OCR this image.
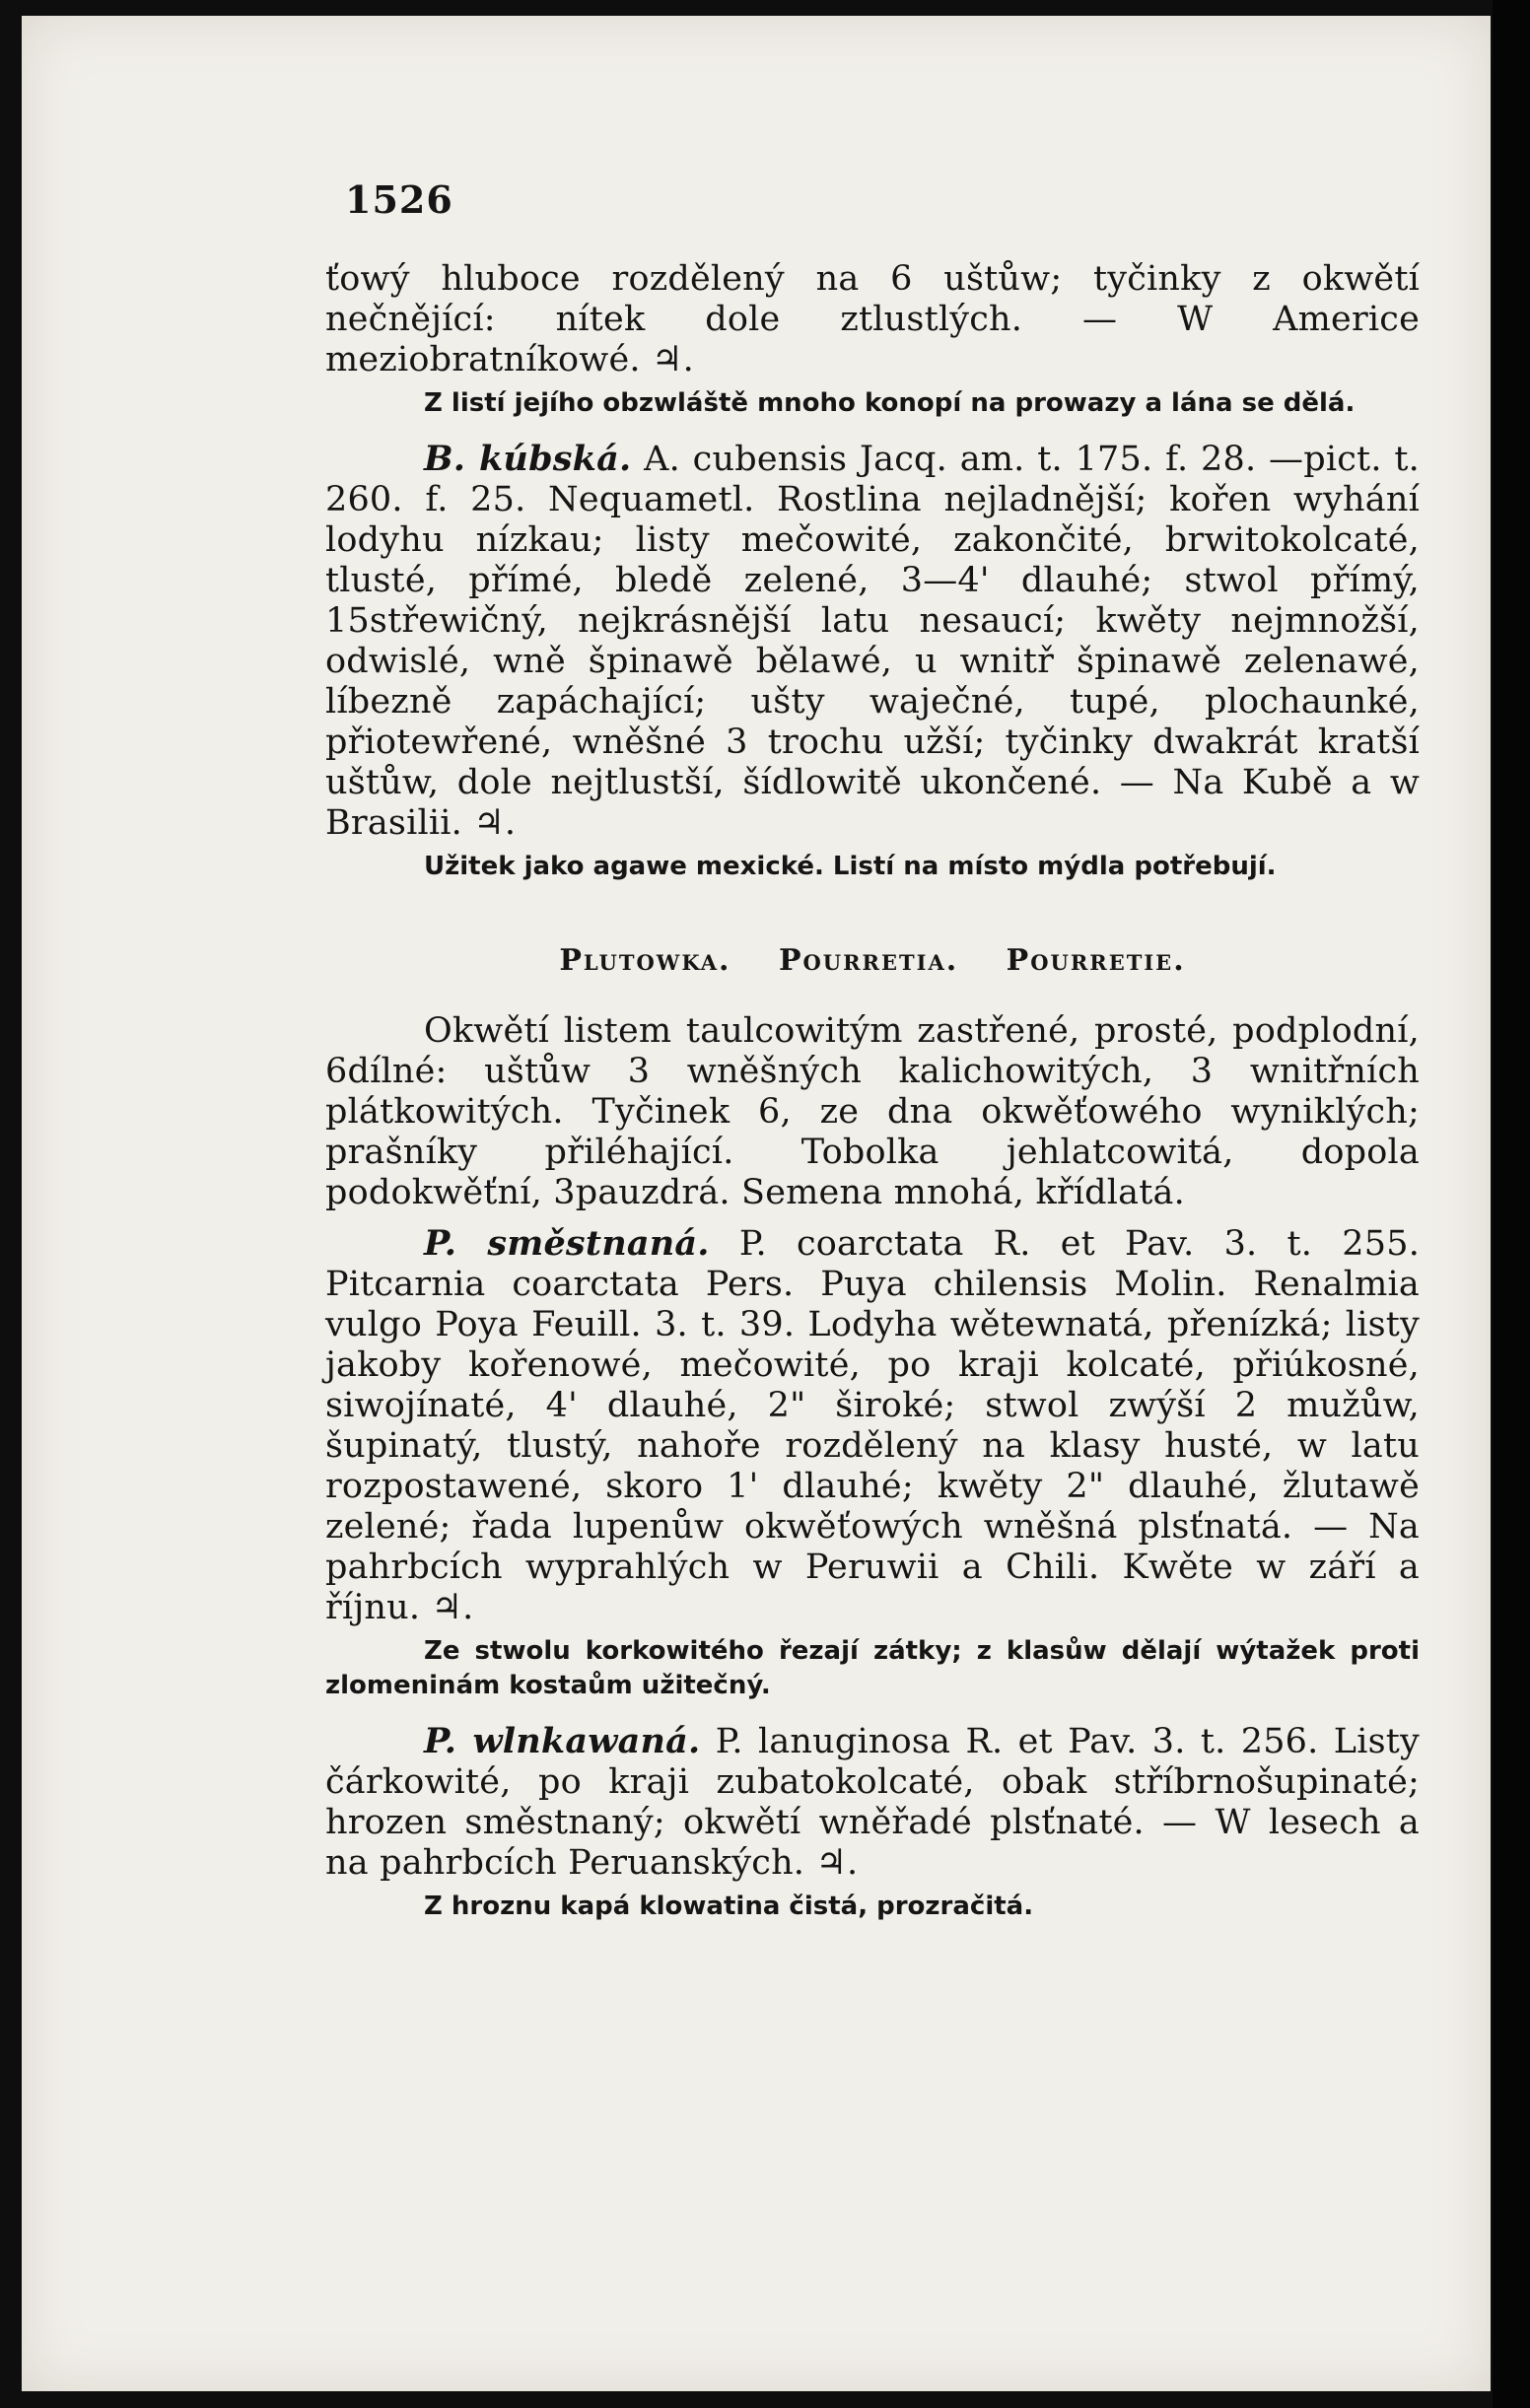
1526

ťowý hluboce rozdělený na 6 uštůw; tyčinky z okwětí nečnějící: nítek dole ztlustlých. — W Americe meziobratníkowé. ♃.

Z listí jejího obzwláště mnoho konopí na prowazy a lána se dělá.

B. kúbská. A. cubensis Jacq. am. t. 175. f. 28. —pict. t. 260. f. 25. Nequametl. Rostlina nejladnější; kořen wyhání lodyhu nízkau; listy mečowité, zakončité, brwitokolcaté, tlusté, přímé, bledě zelené, 3—4' dlauhé; stwol přímý, 15střewičný, nejkrásnější latu nesaucí; kwěty nejmnožší, odwislé, wně špinawě bělawé, u wnitř špinawě zelenawé, líbezně zapáchající; ušty waječné, tupé, plochaunké, přiotewřené, wněšné 3 trochu užší; tyčinky dwakrát kratší uštůw, dole nejtlustší, šídlowitě ukončené. — Na Kubě a w Brasilii. ♃.

Užitek jako agawe mexické. Listí na místo mýdla potřebují.

Plutowka. Pourretia. Pourretie.

Okwětí listem taulcowitým zastřené, prosté, podplodní, 6dílné: uštůw 3 wněšných kalichowitých, 3 wnitřních plátkowitých. Tyčinek 6, ze dna okwěťowého wyniklých; prašníky přiléhající. Tobolka jehlatcowitá, dopola podokwěťní, 3pauzdrá. Semena mnohá, křídlatá.

P. směstnaná. P. coarctata R. et Pav. 3. t. 255. Pitcarnia coarctata Pers. Puya chilensis Molin. Renalmia vulgo Poya Feuill. 3. t. 39. Lodyha wětewnatá, přenízká; listy jakoby kořenowé, mečowité, po kraji kolcaté, přiúkosné, siwojínaté, 4' dlauhé, 2" široké; stwol zwýší 2 mužůw, šupinatý, tlustý, nahoře rozdělený na klasy husté, w latu rozpostawené, skoro 1' dlauhé; kwěty 2" dlauhé, žlutawě zelené; řada lupenůw okwěťowých wněšná plsťnatá. — Na pahrbcích wyprahlých w Peruwii a Chili. Kwěte w září a říjnu. ♃.

Ze stwolu korkowitého řezají zátky; z klasůw dělají wýtažek proti zlomeninám kostaům užitečný.

P. wlnkawaná. P. lanuginosa R. et Pav. 3. t. 256. Listy čárkowité, po kraji zubatokolcaté, obak stříbrnošupinaté; hrozen směstnaný; okwětí wněřadé plsťnaté. — W lesech a na pahrbcích Peruanských. ♃.

Z hroznu kapá klowatina čistá, prozračitá.
